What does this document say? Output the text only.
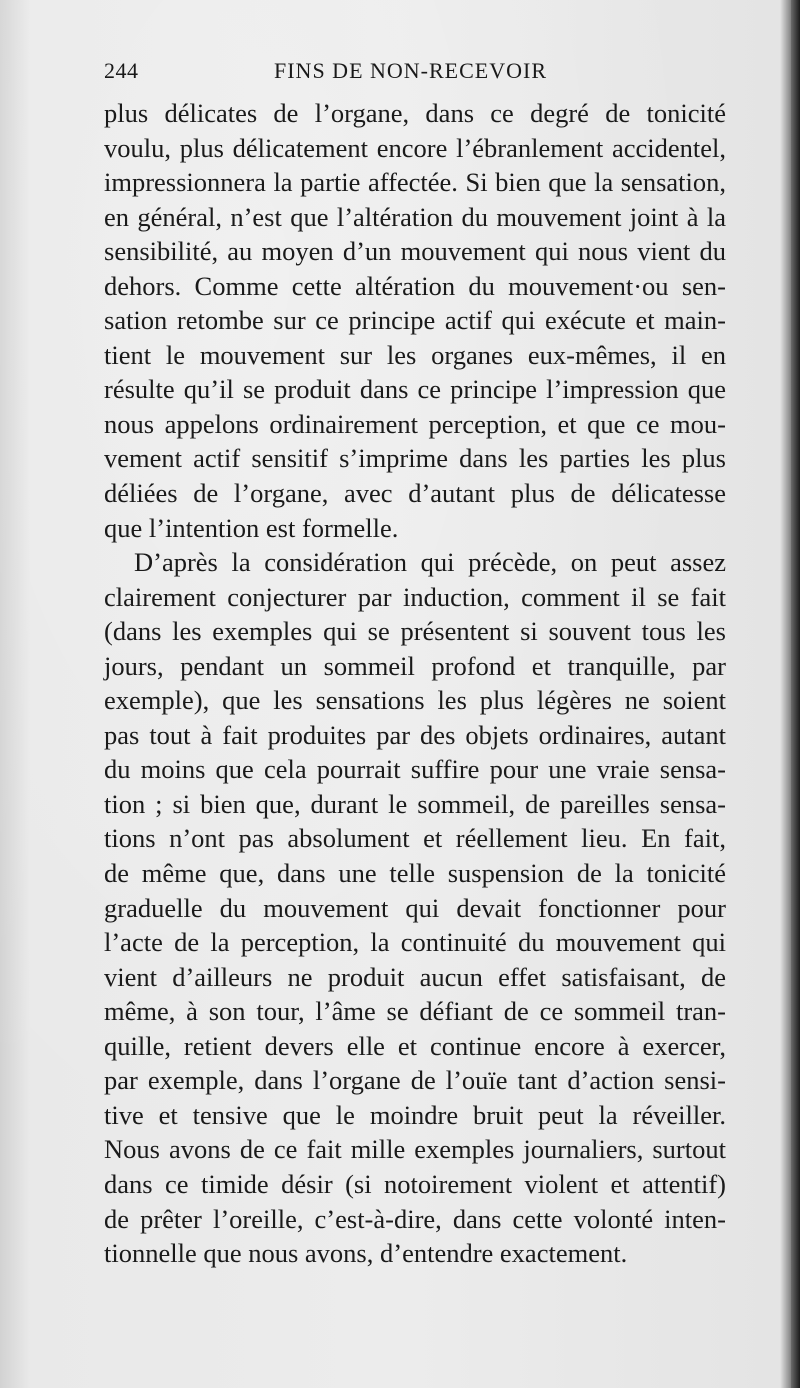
244	FINS DE NON-RECEVOIR
plus délicates de l’organe, dans ce degré de tonicité
voulu, plus délicatement encore l’ébranlement accidentel,
impressionnera la partie affectée. Si bien que la sensation,
en général, n’est que l’altération du mouvement joint à la
sensibilité, au moyen d’un mouvement qui nous vient du
dehors. Comme cette altération du mouvement·ou sen-
sation retombe sur ce principe actif qui exécute et main-
tient le mouvement sur les organes eux-mêmes, il en
résulte qu’il se produit dans ce principe l’impression que
nous appelons ordinairement perception, et que ce mou-
vement actif sensitif s’imprime dans les parties les plus
déliées de l’organe, avec d’autant plus de délicatesse
que l’intention est formelle.
D’après la considération qui précède, on peut assez
clairement conjecturer par induction, comment il se fait
(dans les exemples qui se présentent si souvent tous les
jours, pendant un sommeil profond et tranquille, par
exemple), que les sensations les plus légères ne soient
pas tout à fait produites par des objets ordinaires, autant
du moins que cela pourrait suffire pour une vraie sensa-
tion ; si bien que, durant le sommeil, de pareilles sensa-
tions n’ont pas absolument et réellement lieu. En fait,
de même que, dans une telle suspension de la tonicité
graduelle du mouvement qui devait fonctionner pour
l’acte de la perception, la continuité du mouvement qui
vient d’ailleurs ne produit aucun effet satisfaisant, de
même, à son tour, l’âme se défiant de ce sommeil tran-
quille, retient devers elle et continue encore à exercer,
par exemple, dans l’organe de l’ouïe tant d’action sensi-
tive et tensive que le moindre bruit peut la réveiller.
Nous avons de ce fait mille exemples journaliers, surtout
dans ce timide désir (si notoirement violent et attentif)
de prêter l’oreille, c’est-à-dire, dans cette volonté inten-
tionnelle que nous avons, d’entendre exactement.
